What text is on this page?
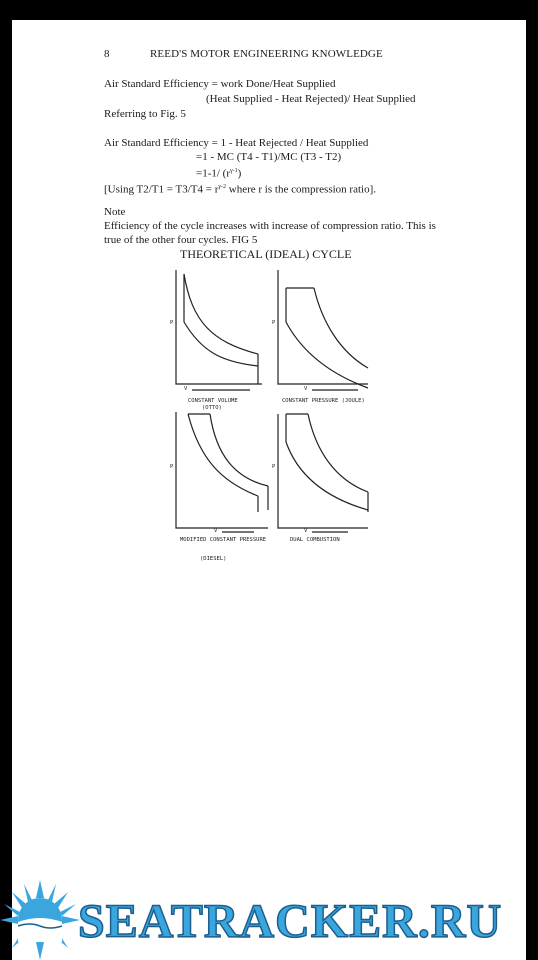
8	REED'S MOTOR ENGINEERING KNOWLEDGE
Air Standard Efficiency = work Done/Heat Supplied
(Heat Supplied - Heat Rejected)/ Heat Supplied
Referring to Fig. 5
Air Standard Efficiency = 1 - Heat Rejected / Heat Supplied
=1 - MC (T4 - T1)/MC (T3 - T2)
=1-1/ $(r^{\gamma-1})$
[Using $T2/T1 = T3/T4 = r^{\gamma-2}$ where r is the compression ratio].
Note
Efficiency of the cycle increases with increase of compression ratio. This is
true of the other four cycles. FIG 5
THEORETICAL (IDEAL) CYCLE
P
V
CONSTANT VOLUME
(OTTO)
P
V
CONSTANT PRESSURE (JOULE)
P
V
MODIFIED CONSTANT PRESSURE
P
V
DUAL COMBUSTION
(DIESEL)
SEATRACKER.RU
